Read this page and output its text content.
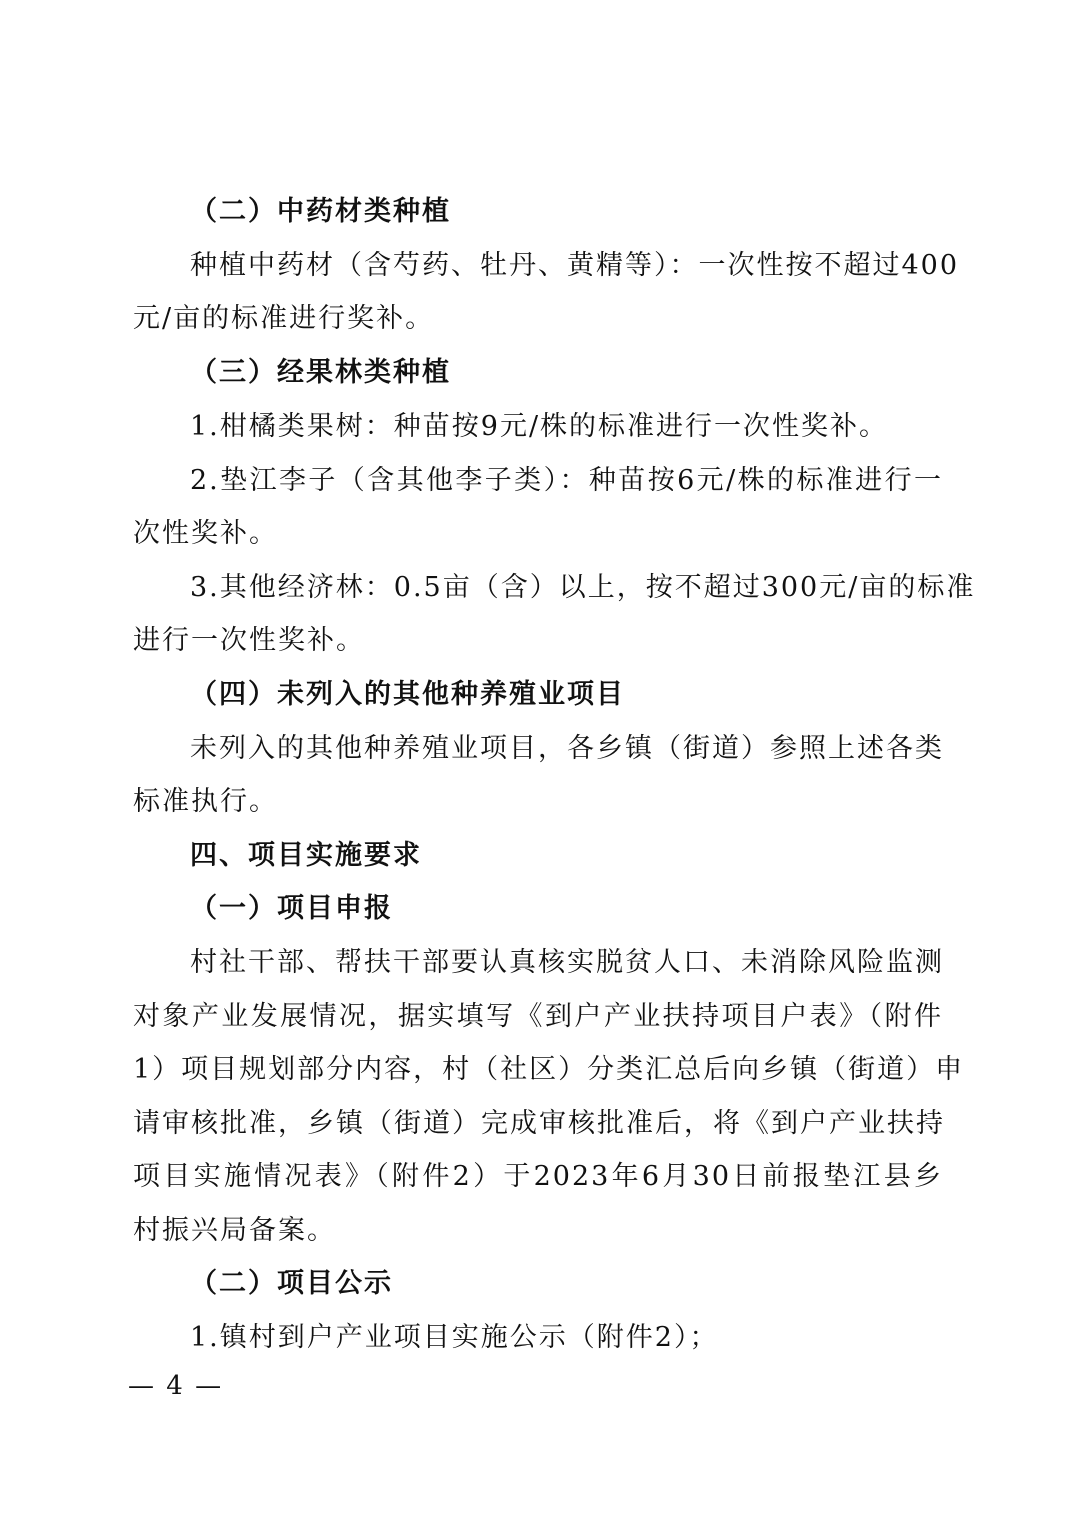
（二）中药材类种植
种植中药材（含芍药、牡丹、黄精等）：一次性按不超过400
元/亩的标准进行奖补。
（三）经果林类种植
1.柑橘类果树：种苗按9元/株的标准进行一次性奖补。
2.垫江李子（含其他李子类）：种苗按6元/株的标准进行一
次性奖补。
3.其他经济林：0.5亩（含）以上，按不超过300元/亩的标准
进行一次性奖补。
（四）未列入的其他种养殖业项目
未列入的其他种养殖业项目，各乡镇（街道）参照上述各类
标准执行。
四、项目实施要求
（一）项目申报
村社干部、帮扶干部要认真核实脱贫人口、未消除风险监测
对象产业发展情况，据实填写《到户产业扶持项目户表》（附件
1）项目规划部分内容，村（社区）分类汇总后向乡镇（街道）申
请审核批准，乡镇（街道）完成审核批准后，将《到户产业扶持
项目实施情况表》（附件2）于2023年6月30日前报垫江县乡
村振兴局备案。
（二）项目公示
1.镇村到户产业项目实施公示（附件2）；
— 4 —
